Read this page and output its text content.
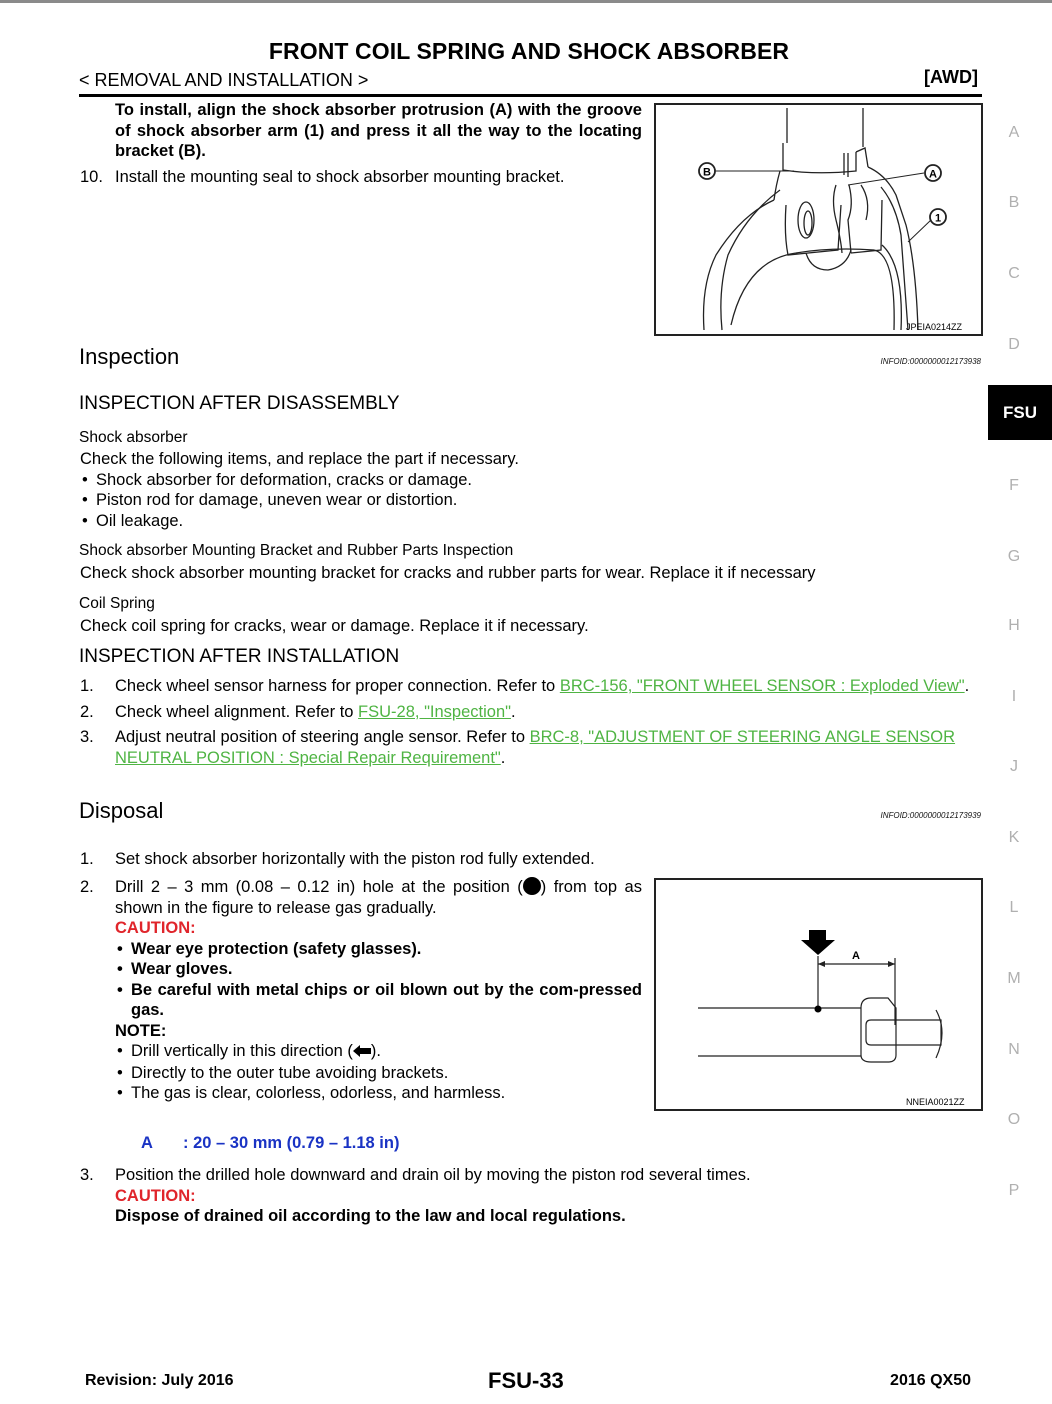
FRONT COIL SPRING AND SHOCK ABSORBER
< REMOVAL AND INSTALLATION >	[AWD]
To install, align the shock absorber protrusion (A) with the groove of shock absorber arm (1) and press it all the way to the locating bracket (B).
10. Install the mounting seal to shock absorber mounting bracket.	B	A
1
JPEIA0214ZZ
Inspection	INFOID:0000000012173938
INSPECTION AFTER DISASSEMBLY
Shock absorber
Check the following items, and replace the part if necessary.
• Shock absorber for deformation, cracks or damage.
• Piston rod for damage, uneven wear or distortion.
• Oil leakage.
Shock absorber Mounting Bracket and Rubber Parts Inspection
Check shock absorber mounting bracket for cracks and rubber parts for wear. Replace it if necessary
Coil Spring
Check coil spring for cracks, wear or damage. Replace it if necessary.
INSPECTION AFTER INSTALLATION
1.	Check wheel sensor harness for proper connection. Refer to BRC-156, "FRONT WHEEL SENSOR : Exploded View".
2.	Check wheel alignment. Refer to FSU-28, "Inspection".
3.	Adjust neutral position of steering angle sensor. Refer to BRC-8, "ADJUSTMENT OF STEERING ANGLE SENSOR NEUTRAL POSITION : Special Repair Requirement".
Disposal	INFOID:0000000012173939
1. Set shock absorber horizontally with the piston rod fully extended.
2. Drill 2 – 3 mm (0.08 – 0.12 in) hole at the position ( ) from top as shown in the figure to release gas gradually.
CAUTION:
• Wear eye protection (safety glasses).
• Wear gloves.
• Be careful with metal chips or oil blown out by the com-pressed gas.
NOTE:
• Drill vertically in this direction ( ).
• Directly to the outer tube avoiding brackets.
• The gas is clear, colorless, odorless, and harmless.
A
NNEIA0021ZZ
A : 20 – 30 mm (0.79 – 1.18 in)
3. Position the drilled hole downward and drain oil by moving the piston rod several times.
CAUTION:
Dispose of drained oil according to the law and local regulations.
A
B
C
D
FSU
F
G
H
I
J
K
L
M
N
O
P
Revision: July 2016	FSU-33	2016 QX50
